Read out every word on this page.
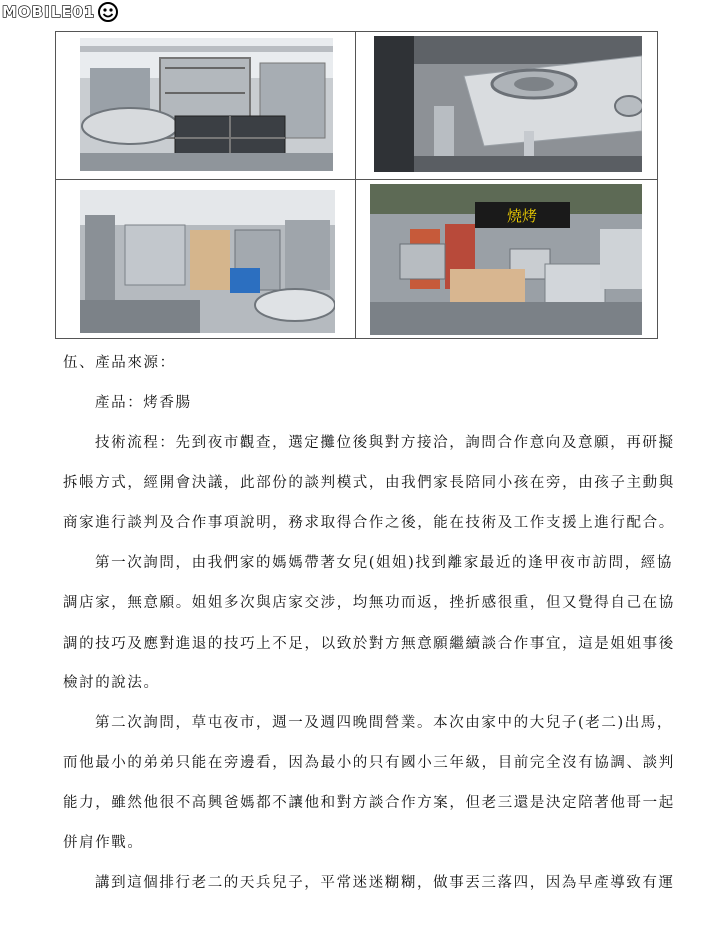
MOBILE01
燒烤
伍、產品來源：
產品：烤香腸
技術流程：先到夜市觀查，選定攤位後與對方接洽，詢問合作意向及意願，再研擬
拆帳方式，經開會決議，此部份的談判模式，由我們家長陪同小孩在旁，由孩子主動與
商家進行談判及合作事項說明，務求取得合作之後，能在技術及工作支援上進行配合。
第一次詢問，由我們家的媽媽帶著女兒(姐姐)找到離家最近的逢甲夜市訪問，經協
調店家，無意願。姐姐多次與店家交涉，均無功而返，挫折感很重，但又覺得自己在協
調的技巧及應對進退的技巧上不足，以致於對方無意願繼續談合作事宜，這是姐姐事後
檢討的說法。
第二次詢問，草屯夜市，週一及週四晚間營業。本次由家中的大兒子(老二)出馬，
而他最小的弟弟只能在旁邊看，因為最小的只有國小三年級，目前完全沒有協調、談判
能力，雖然他很不高興爸媽都不讓他和對方談合作方案，但老三還是決定陪著他哥一起
併肩作戰。
講到這個排行老二的天兵兒子，平常迷迷糊糊，做事丟三落四，因為早產導致有運
